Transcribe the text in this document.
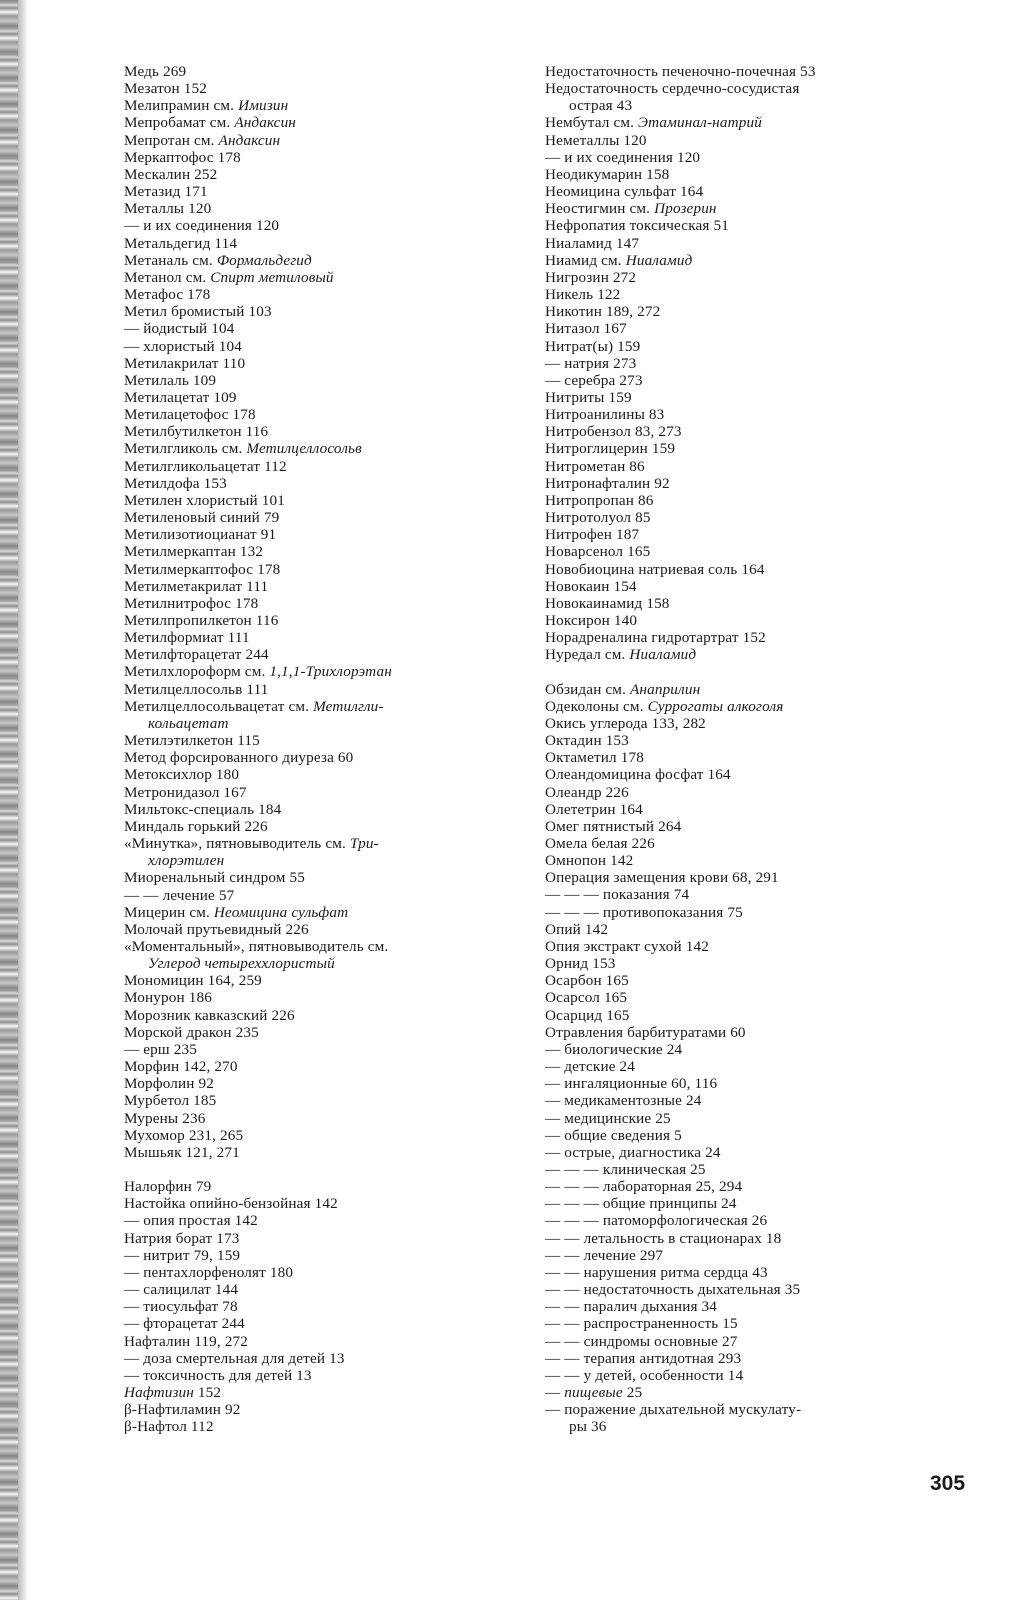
Медь 269
Мезатон 152
Мелипрамин см. Имизин
Мепробамат см. Андаксин
Мепротан см. Андаксин
Меркаптофос 178
Мескалин 252
Метазид 171
Металлы 120
— и их соединения 120
Метальдегид 114
Метаналь см. Формальдегид
Метанол см. Спирт метиловый
Метафос 178
Метил бромистый 103
— йодистый 104
— хлористый 104
Метилакрилат 110
Метилаль 109
Метилацетат 109
Метилацетофос 178
Метилбутилкетон 116
Метилгликоль см. Метилцеллосольв
Метилгликольацетат 112
Метилдофа 153
Метилен хлористый 101
Метиленовый синий 79
Метилизотиоцианат 91
Метилмеркаптан 132
Метилмеркаптофос 178
Метилметакрилат 111
Метилнитрофос 178
Метилпропилкетон 116
Метилформиат 111
Метилфторацетат 244
Метилхлороформ см. 1,1,1-Трихлорэтан
Метилцеллосольв 111
Метилцеллосольвацетат см. Метилгли-
кольацетат
Метилэтилкетон 115
Метод форсированного диуреза 60
Метоксихлор 180
Метронидазол 167
Мильтокс-специаль 184
Миндаль горький 226
«Минутка», пятновыводитель см. Три-
хлорэтилен
Миоренальный синдром 55
— — лечение 57
Мицерин см. Неомицина сульфат
Молочай прутьевидный 226
«Моментальный», пятновыводитель см.
Углерод четыреххлористый
Мономицин 164, 259
Монурон 186
Морозник кавказский 226
Морской дракон 235
— ерш 235
Морфин 142, 270
Морфолин 92
Мурбетол 185
Мурены 236
Мухомор 231, 265
Мышьяк 121, 271
Налорфин 79
Настойка опийно-бензойная 142
— опия простая 142
Натрия борат 173
— нитрит 79, 159
— пентахлорфенолят 180
— салицилат 144
— тиосульфат 78
— фторацетат 244
Нафталин 119, 272
— доза смертельная для детей 13
— токсичность для детей 13
Нафтизин 152
β-Нафтиламин 92
β-Нафтол 112
Недостаточность печеночно-почечная 53
Недостаточность сердечно-сосудистая
острая 43
Нембутал см. Этаминал-натрий
Неметаллы 120
— и их соединения 120
Неодикумарин 158
Неомицина сульфат 164
Неостигмин см. Прозерин
Нефропатия токсическая 51
Ниаламид 147
Ниамид см. Ниаламид
Нигрозин 272
Никель 122
Никотин 189, 272
Нитазол 167
Нитрат(ы) 159
— натрия 273
— серебра 273
Нитриты 159
Нитроанилины 83
Нитробензол 83, 273
Нитроглицерин 159
Нитрометан 86
Нитронафталин 92
Нитропропан 86
Нитротолуол 85
Нитрофен 187
Новарсенол 165
Новобиоцина натриевая соль 164
Новокаин 154
Новокаинамид 158
Ноксирон 140
Норадреналина гидротартрат 152
Нуредал см. Ниаламид
Обзидан см. Анаприлин
Одеколоны см. Суррогаты алкоголя
Окись углерода 133, 282
Октадин 153
Октаметил 178
Олеандомицина фосфат 164
Олеандр 226
Олететрин 164
Омег пятнистый 264
Омела белая 226
Омнопон 142
Операция замещения крови 68, 291
— — — показания 74
— — — противопоказания 75
Опий 142
Опия экстракт сухой 142
Орнид 153
Осарбон 165
Осарсол 165
Осарцид 165
Отравления барбитуратами 60
— биологические 24
— детские 24
— ингаляционные 60, 116
— медикаментозные 24
— медицинские 25
— общие сведения 5
— острые, диагностика 24
— — — клиническая 25
— — — лабораторная 25, 294
— — — общие принципы 24
— — — патоморфологическая 26
— — летальность в стационарах 18
— — лечение 297
— — нарушения ритма сердца 43
— — недостаточность дыхательная 35
— — паралич дыхания 34
— — распространенность 15
— — синдромы основные 27
— — терапия антидотная 293
— — у детей, особенности 14
— пищевые 25
— поражение дыхательной мускулату-
ры 36
305
